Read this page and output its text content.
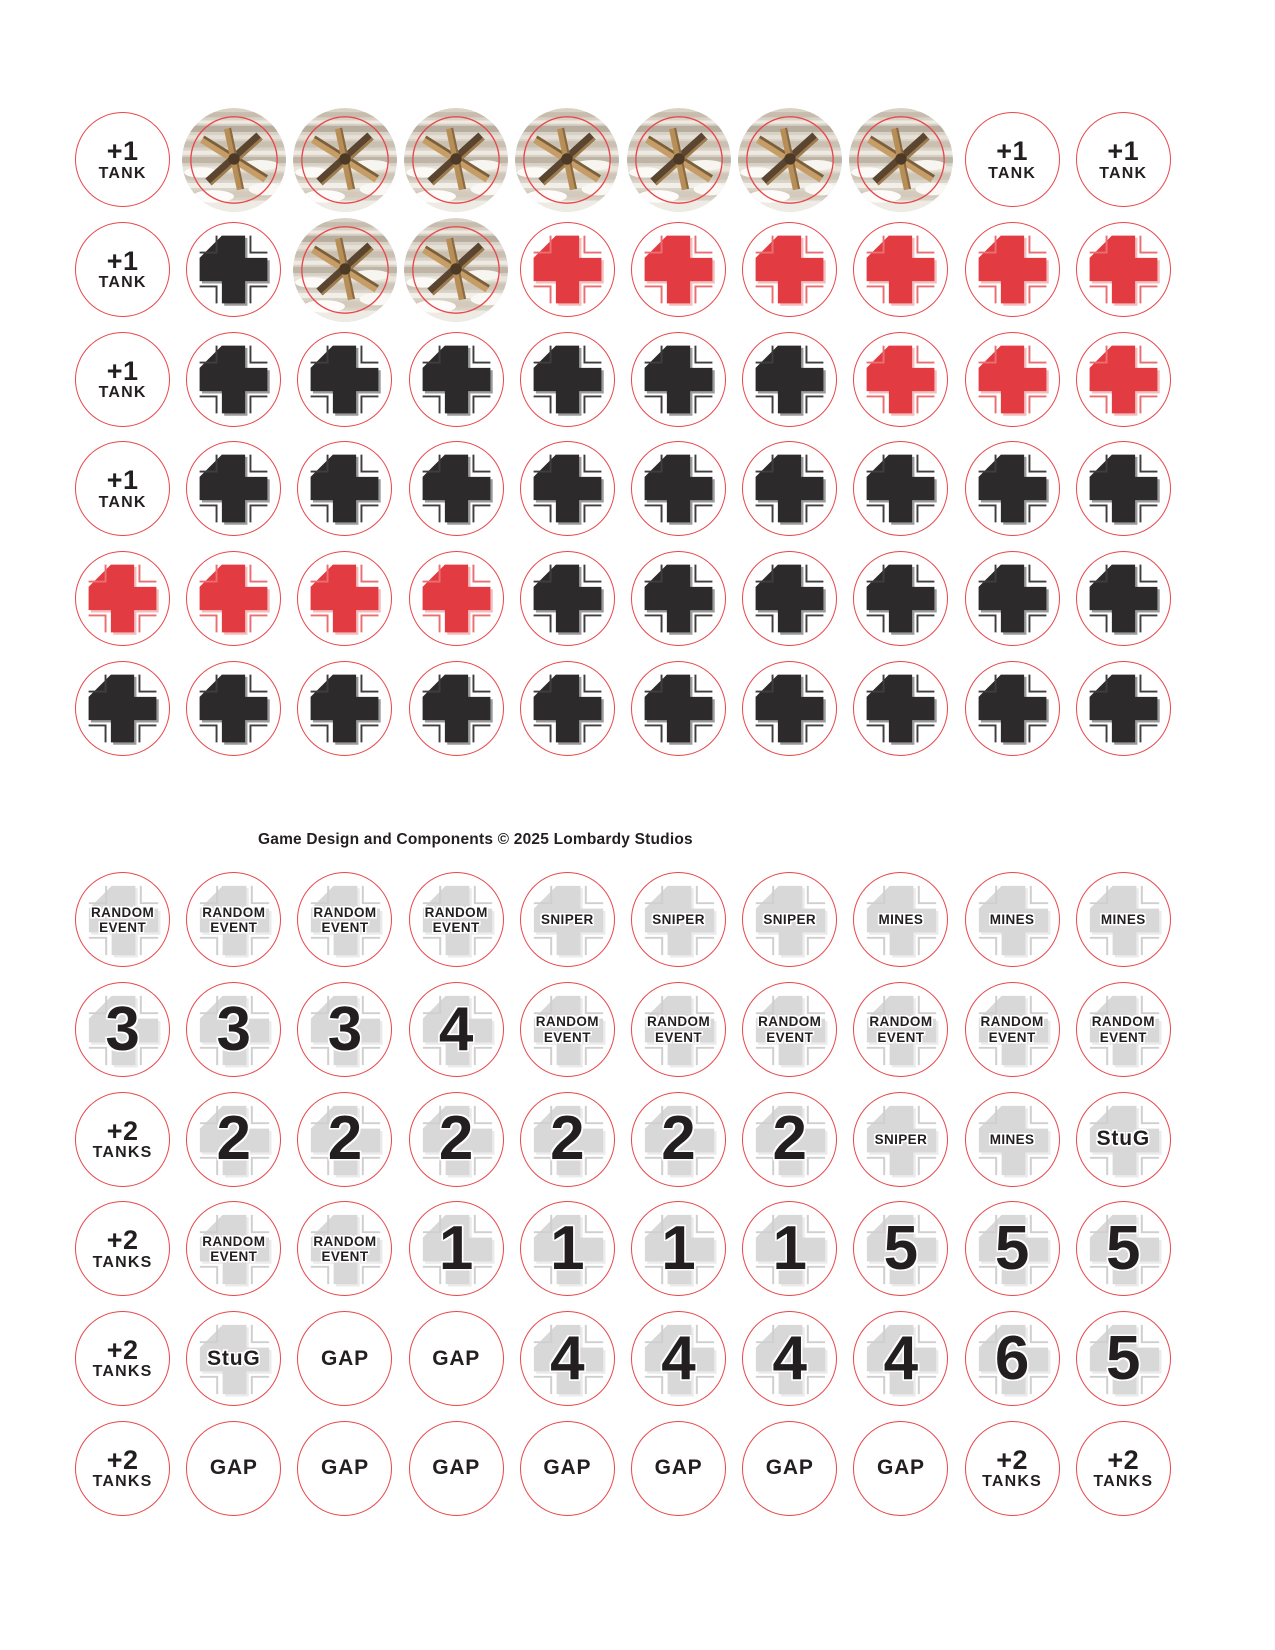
+1
TANK
+1
TANK
+1
TANK
+1
TANK
+1
TANK
+1
TANK
Game Design and Components © 2025 Lombardy Studios
RANDOM
EVENT
RANDOM
EVENT
RANDOM
EVENT
RANDOM
EVENT
SNIPER	SNIPER	SNIPER	MINES	MINES	MINES
3 3 3 4	RANDOM
EVENT
RANDOM
EVENT
RANDOM
EVENT
RANDOM
EVENT
RANDOM
EVENT
RANDOM
EVENT
+2
TANKS 2 2 2 2 2 2	SNIPER	MINES	StuG
+2
TANKS
RANDOM
EVENT
RANDOM
EVENT 1 1 1 1 5 5 5
+2
TANKS
StuG	GAP	GAP 4 4 4 4 6 5
+2
TANKS
GAP	GAP	GAP	GAP	GAP	GAP	GAP	+2
TANKS
+2
TANKS
